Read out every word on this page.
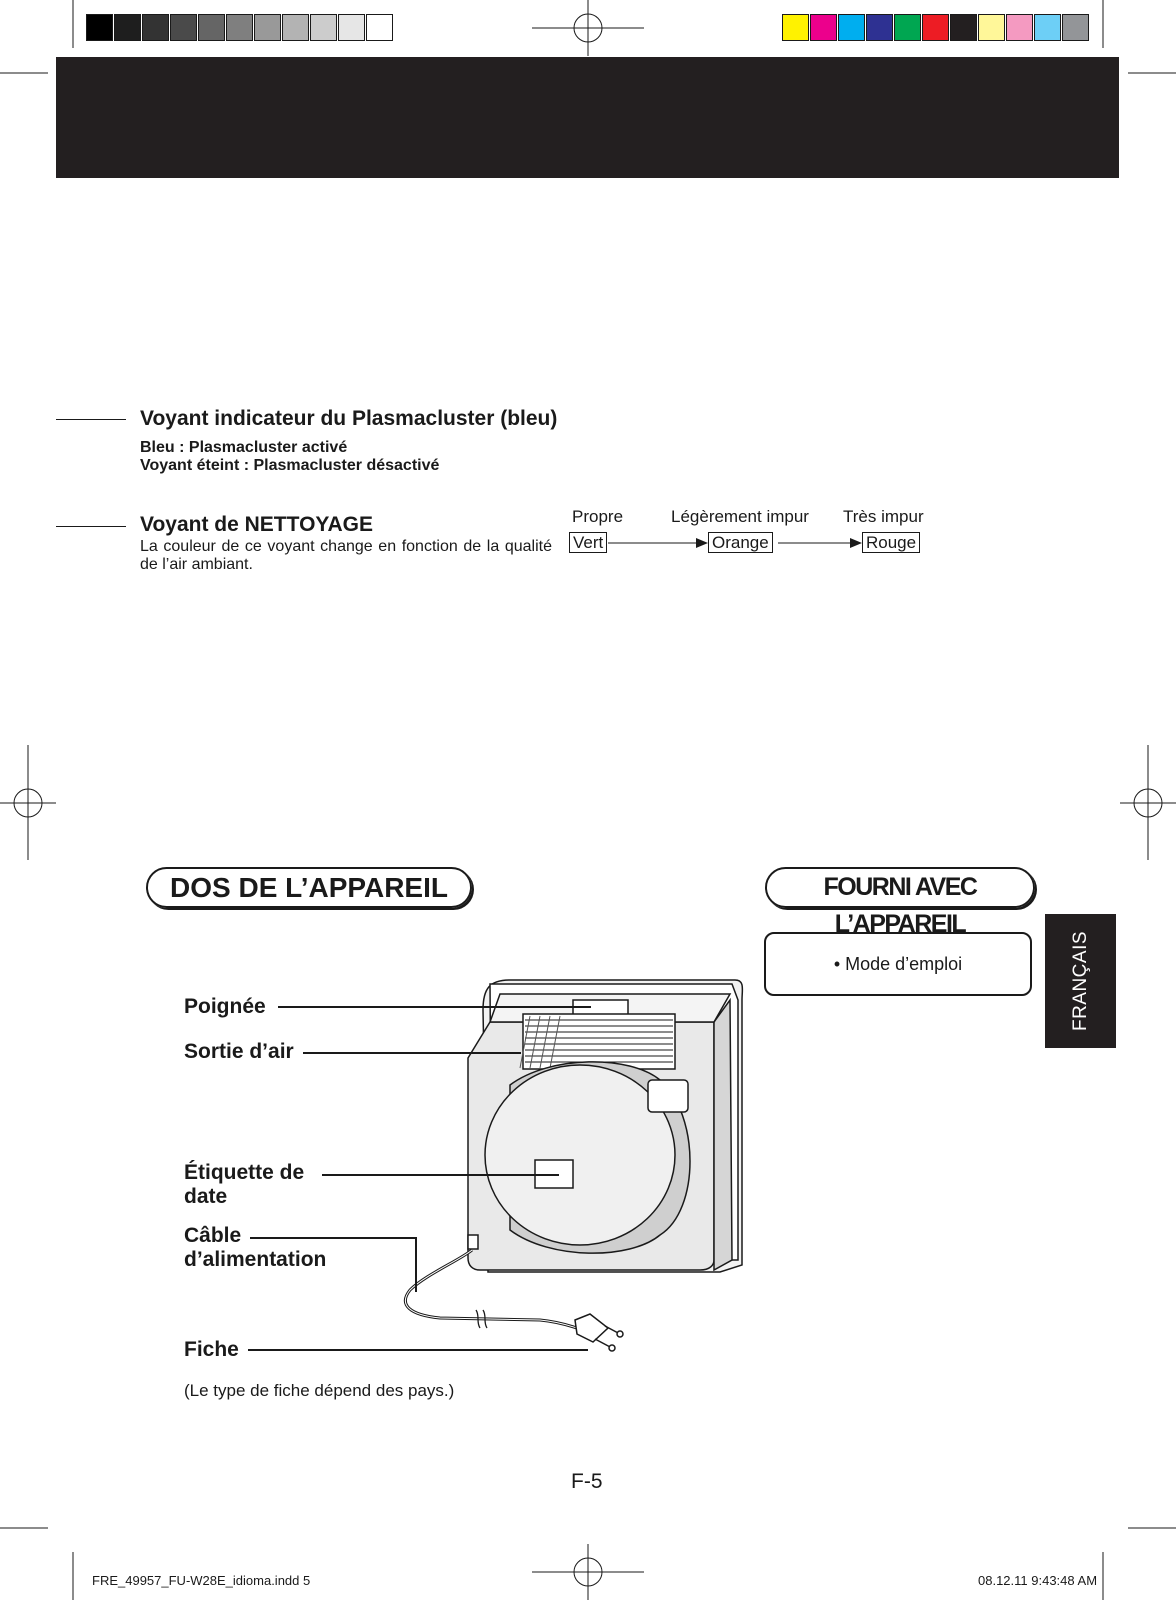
Voyant indicateur du Plasmacluster (bleu)
Bleu : Plasmacluster activé
Voyant éteint : Plasmacluster désactivé
Voyant de NETTOYAGE
La couleur de ce voyant change en fonction de la qualité de l’air ambiant.
Propre	Légèrement impur Très impur
Vert	Orange	Rouge
DOS DE L’APPAREIL	FOURNI AVEC L’APPAREIL
• Mode d’emploi	FRANÇAIS
Poignée
Sortie d’air
Étiquette de
date
Câble
d’alimentation
Fiche
(Le type de fiche dépend des pays.)
F-5
FRE_49957_FU-W28E_idioma.indd 5	08.12.11 9:43:48 AM
